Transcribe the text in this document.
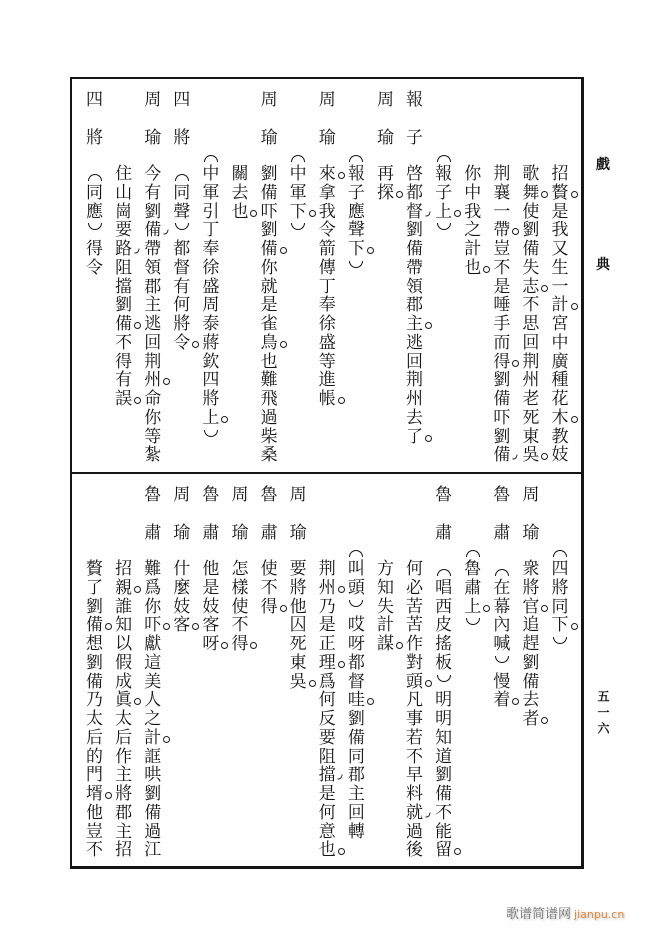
招
贅
是
我
又
生
一
計
宮
中
廣
種
花
木
教
妓
歌
舞
使
劉
備
失
志
不
思
回
荆
州
老
死
東
吳
荆
襄
一
帶
豈
不
是
唾
手
而
得
劉
備
吓
劉
備
你
中
我
之
計
也
報
子
上
報
子
啓
都
督
劉
備
帶
領
郡
主
逃
回
荆
州
去
了
周
瑜
再
探
報
子
應
聲
下
周
瑜
來
拿
我
令
箭
傳
丁
奉
徐
盛
等
進
帳
中
軍
下
周
瑜
劉
備
吓
劉
備
你
就
是
雀
鳥
也
難
飛
過
柴
桑
關
去
也
中
軍
引
丁
奉
徐
盛
周
泰
蔣
欽
四
將
上
四
將
同
聲
都
督
有
何
將
令
周
瑜
今
有
劉
備
帶
領
郡
主
逃
回
荆
州
命
你
等
紮
住
山
崗
要
路
阻
擋
劉
備
不
得
有
誤
四
將
同
應
得
令
四
將
同
下
周
瑜
衆
將
官
追
趕
劉
備
去
者
魯
肅
在
幕
內
喊
慢
着
魯
肅
上
魯
肅
唱
西
皮
搖
板
明
明
知
道
劉
備
不
能
留
何
必
苦
苦
作
對
頭
凡
事
若
不
早
料
就
過
後
方
知
失
計
謀
叫
頭
哎
呀
都
督
哇
劉
備
同
郡
主
回
轉
荆
州
乃
是
正
理
爲
何
反
要
阻
擋
是
何
意
也
周
瑜
要
將
他
囚
死
東
吳
魯
肅
使
不
得
周
瑜
怎
樣
使
不
得
魯
肅
他
是
妓
客
呀
周
瑜
什
麼
妓
客
魯
肅
難
爲
你
吓
獻
這
美
人
之
計
誆
哄
劉
備
過
江
招
親
誰
知
以
假
成
眞
太
后
作
主
將
郡
主
招
贅
了
劉
備
想
劉
備
乃
太
后
的
門
壻
他
豈
不
戲
典
五一六
歌谱简谱网 jianpu.cn
